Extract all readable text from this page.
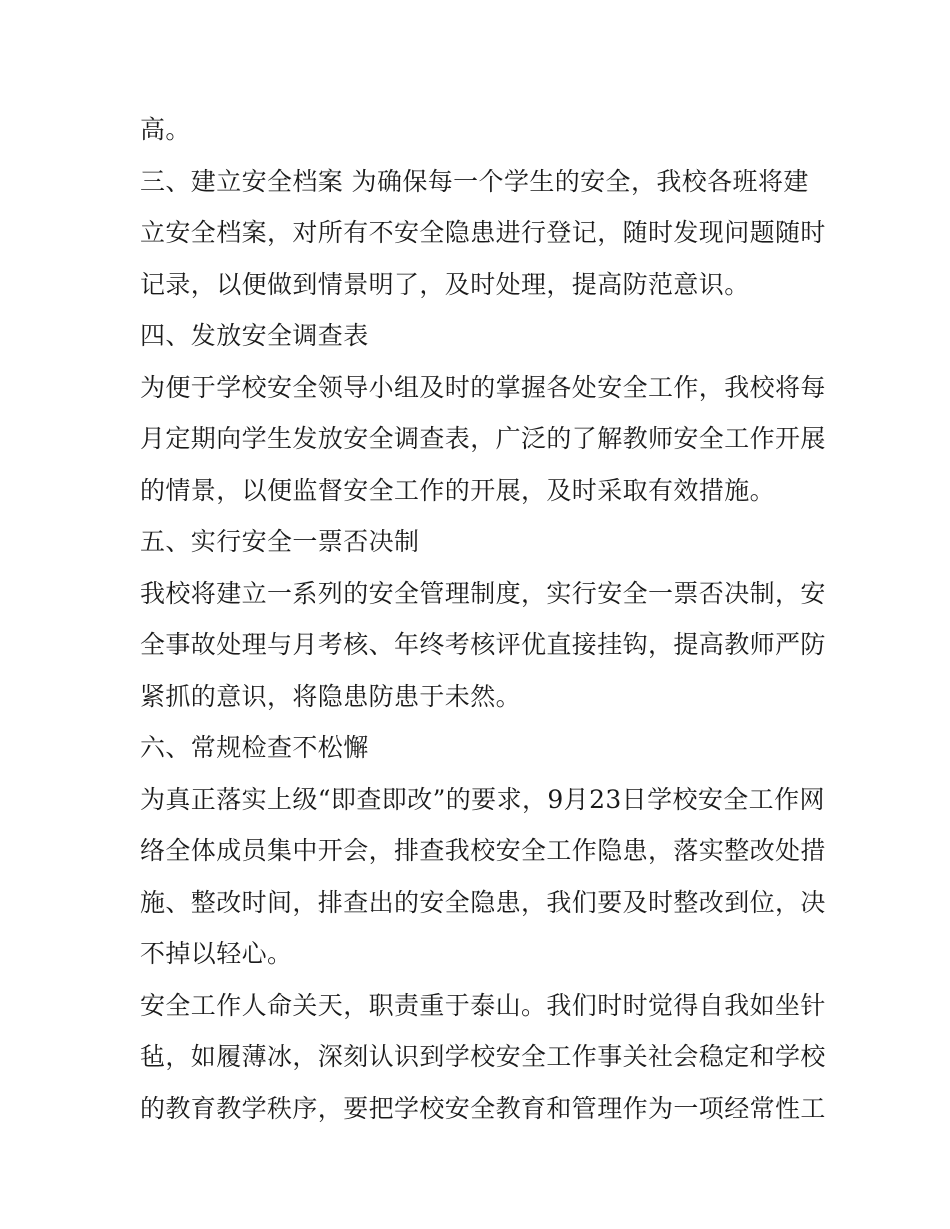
高。
三、建立安全档案 为确保每一个学生的安全，我校各班将建
立安全档案，对所有不安全隐患进行登记，随时发现问题随时
记录，以便做到情景明了，及时处理，提高防范意识。
四、发放安全调查表
为便于学校安全领导小组及时的掌握各处安全工作，我校将每
月定期向学生发放安全调查表，广泛的了解教师安全工作开展
的情景，以便监督安全工作的开展，及时采取有效措施。
五、实行安全一票否决制
我校将建立一系列的安全管理制度，实行安全一票否决制，安
全事故处理与月考核、年终考核评优直接挂钩，提高教师严防
紧抓的意识，将隐患防患于未然。
六、常规检查不松懈
为真正落实上级“即查即改”的要求，9月23日学校安全工作网
络全体成员集中开会，排查我校安全工作隐患，落实整改处措
施、整改时间，排查出的安全隐患，我们要及时整改到位，决
不掉以轻心。
安全工作人命关天，职责重于泰山。我们时时觉得自我如坐针
毡，如履薄冰，深刻认识到学校安全工作事关社会稳定和学校
的教育教学秩序，要把学校安全教育和管理作为一项经常性工
